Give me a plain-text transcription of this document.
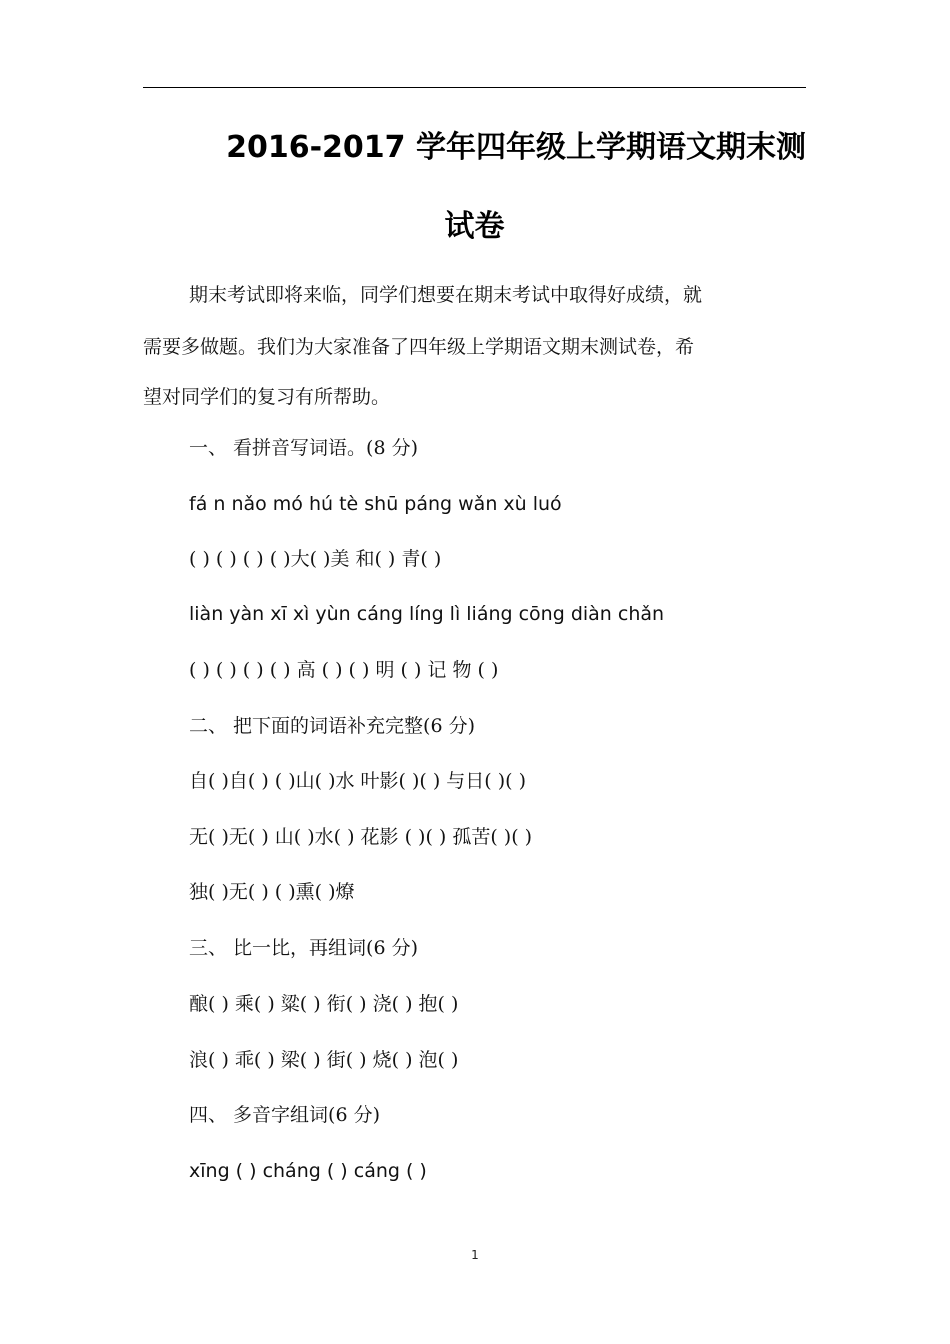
2016-2017 学年四年级上学期语文期末测
试卷
期末考试即将来临，同学们想要在期末考试中取得好成绩，就
需要多做题。我们为大家准备了四年级上学期语文期末测试卷，希
望对同学们的复习有所帮助。
一、 看拼音写词语。(8 分)
fá n nǎo mó hú tè shū páng wǎn xù luó
( ) ( ) ( ) ( )大( )美 和( ) 青( )
liàn yàn xī xì yùn cáng líng lì liáng cōng diàn chǎn
( ) ( ) ( ) ( ) 高 ( ) ( ) 明 ( ) 记 物 ( )
二、 把下面的词语补充完整(6 分)
自( )自( ) ( )山( )水 叶影( )( ) 与日( )( )
无( )无( ) 山( )水( ) 花影 ( )( ) 孤苦( )( )
独( )无( ) ( )熏( )燎
三、 比一比，再组词(6 分)
酿( ) 乘( ) 粱( ) 衔( ) 浇( ) 抱( )
浪( ) 乖( ) 梁( ) 街( ) 烧( ) 泡( )
四、 多音字组词(6 分)
xīng ( ) cháng ( ) cáng ( )
1
